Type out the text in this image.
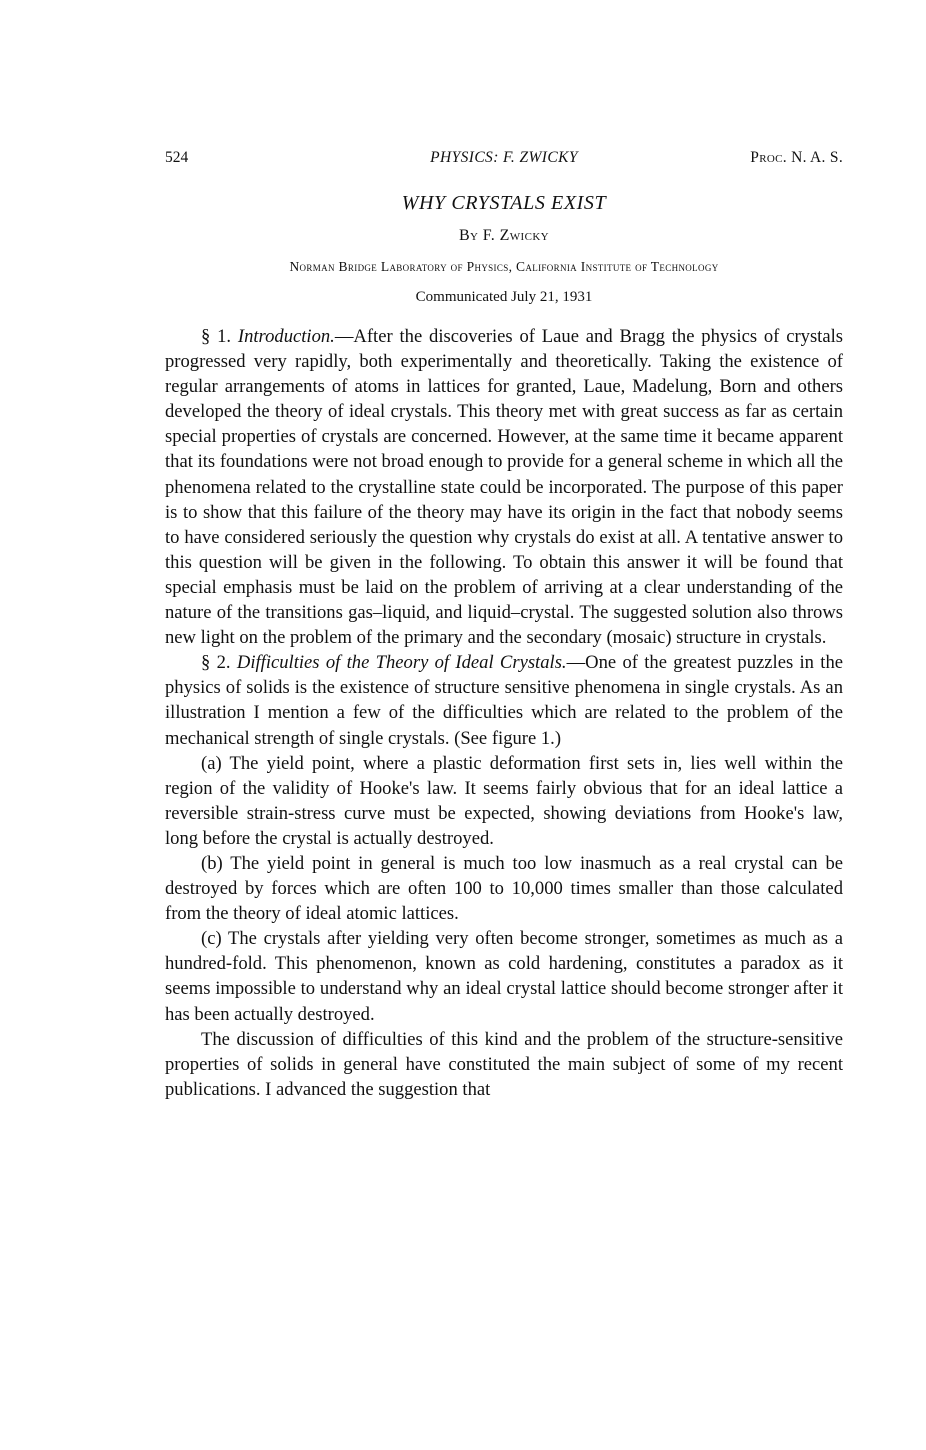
524	PHYSICS: F. ZWICKY	Proc. N. A. S.
WHY CRYSTALS EXIST
By F. Zwicky
Norman Bridge Laboratory of Physics, California Institute of Technology
Communicated July 21, 1931

§ 1. Introduction.—After the discoveries of Laue and Bragg the physics of crystals progressed very rapidly, both experimentally and theoretically. Taking the existence of regular arrangements of atoms in lattices for granted, Laue, Madelung, Born and others developed the theory of ideal crystals. This theory met with great success as far as certain special properties of crystals are concerned. However, at the same time it became apparent that its foundations were not broad enough to provide for a general scheme in which all the phenomena related to the crystalline state could be incorporated. The purpose of this paper is to show that this failure of the theory may have its origin in the fact that nobody seems to have considered seriously the question why crystals do exist at all. A tentative answer to this question will be given in the following. To obtain this answer it will be found that special emphasis must be laid on the problem of arriving at a clear understanding of the nature of the transitions gas–liquid, and liquid–crystal. The suggested solution also throws new light on the problem of the primary and the secondary (mosaic) structure in crystals.

§ 2. Difficulties of the Theory of Ideal Crystals.—One of the greatest puzzles in the physics of solids is the existence of structure sensitive phenomena in single crystals. As an illustration I mention a few of the difficulties which are related to the problem of the mechanical strength of single crystals. (See figure 1.)

(a) The yield point, where a plastic deformation first sets in, lies well within the region of the validity of Hooke's law. It seems fairly obvious that for an ideal lattice a reversible strain-stress curve must be expected, showing deviations from Hooke's law, long before the crystal is actually destroyed.

(b) The yield point in general is much too low inasmuch as a real crystal can be destroyed by forces which are often 100 to 10,000 times smaller than those calculated from the theory of ideal atomic lattices.

(c) The crystals after yielding very often become stronger, sometimes as much as a hundred-fold. This phenomenon, known as cold hardening, constitutes a paradox as it seems impossible to understand why an ideal crystal lattice should become stronger after it has been actually destroyed.

The discussion of difficulties of this kind and the problem of the structure-sensitive properties of solids in general have constituted the main subject of some of my recent publications. I advanced the suggestion that
